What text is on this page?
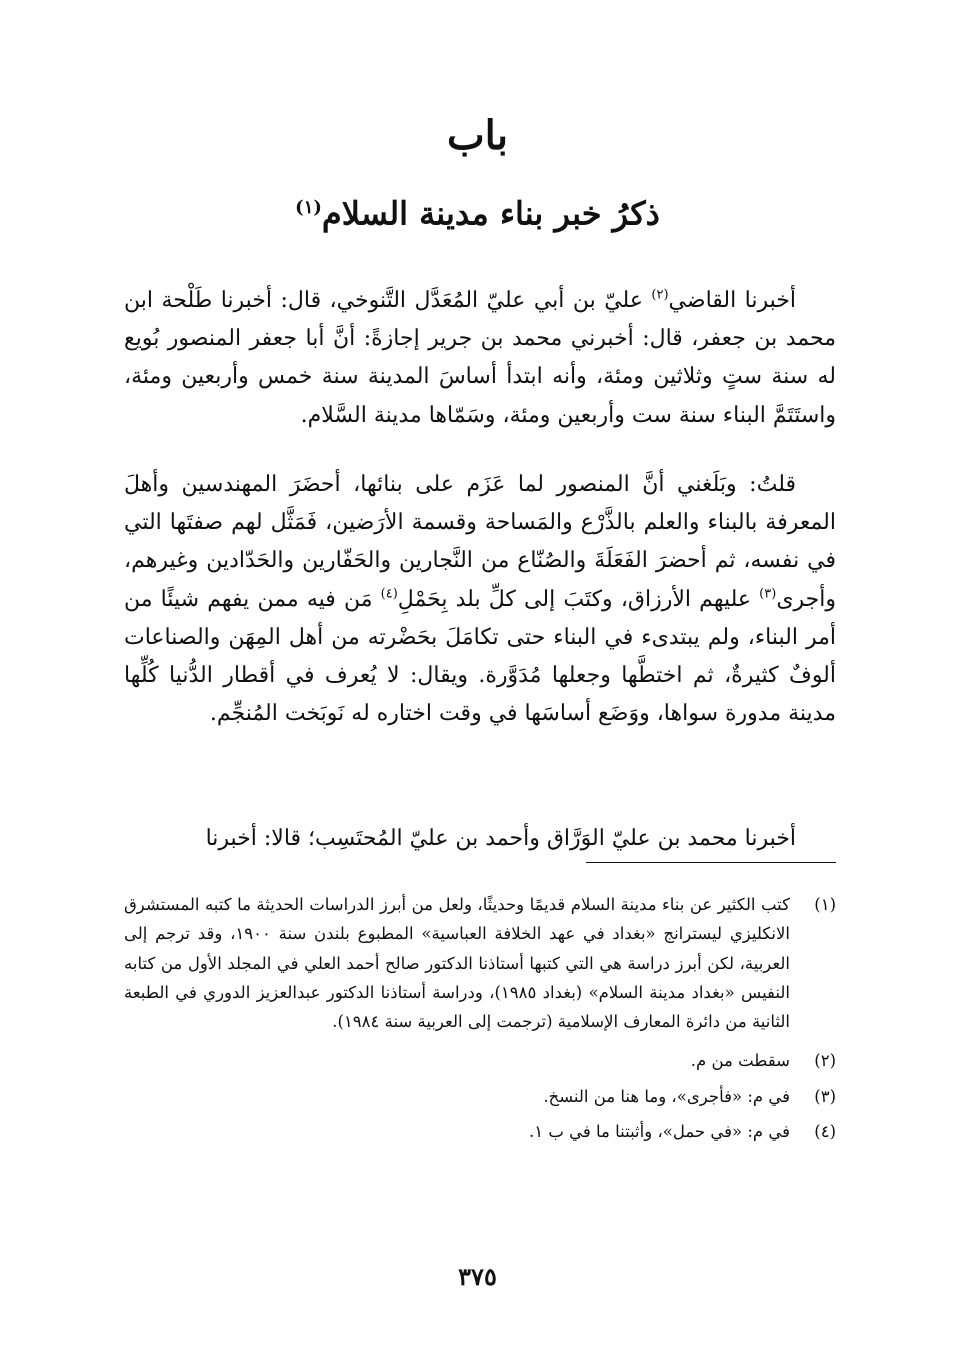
باب
ذكرُ خبر بناء مدينة السلام$^{(١)}$
أخبرنا القاضي$^{(٢)}$ عليّ بن أبي عليّ المُعَدَّل التَّنوخي، قال: أخبرنا طَلْحة ابن محمد بن جعفر، قال: أخبرني محمد بن جرير إجازةً: أنَّ أبا جعفر المنصور بُويع له سنة ستٍ وثلاثين ومئة، وأنه ابتدأ أساسَ المدينة سنة خمس وأربعين ومئة، واستَتَمَّ البناء سنة ست وأربعين ومئة، وسَمّاها مدينة السَّلام.
قلتُ: وبَلَغني أنَّ المنصور لما عَزَم على بنائها، أحضَرَ المهندسين وأهلَ المعرفة بالبناء والعلم بالذَّرْع والمَساحة وقسمة الأرَضين، فَمَثَّل لهم صفتَها التي في نفسه، ثم أحضرَ الفَعَلَةَ والصُنّاع من النَّجارين والحَفّارين والحَدّادين وغيرهم، وأجرى$^{(٣)}$ عليهم الأرزاق، وكتَبَ إلى كلِّ بلد بِحَمْلِ$^{(٤)}$ مَن فيه ممن يفهم شيئًا من أمر البناء، ولم يبتدىء في البناء حتى تكامَلَ بحَضْرته من أهل المِهَن والصناعات ألوفٌ كثيرةٌ، ثم اختطَّها وجعلها مُدَوَّرة. ويقال: لا يُعرف في أقطار الدُّنيا كُلِّها مدينة مدورة سواها، ووَضَع أساسَها في وقت اختاره له نَوبَخت المُنجِّم.
أخبرنا محمد بن عليّ الوَرَّاق وأحمد بن عليّ المُحتَسِب؛ قالا: أخبرنا
(١)
كتب الكثير عن بناء مدينة السلام قديمًا وحديثًا، ولعل من أبرز الدراسات الحديثة ما كتبه المستشرق الانكليزي ليسترانج «بغداد في عهد الخلافة العباسية» المطبوع بلندن سنة ١٩٠٠، وقد ترجم إلى العربية، لكن أبرز دراسة هي التي كتبها أستاذنا الدكتور صالح أحمد العلي في المجلد الأول من كتابه النفيس «بغداد مدينة السلام» (بغداد ١٩٨٥)، ودراسة أستاذنا الدكتور عبدالعزيز الدوري في الطبعة الثانية من دائرة المعارف الإسلامية (ترجمت إلى العربية سنة ١٩٨٤).
(٢)
سقطت من م.
(٣)
في م: «فأجرى»، وما هنا من النسخ.
(٤)
في م: «في حمل»، وأثبتنا ما في ب ١.
٣٧٥
